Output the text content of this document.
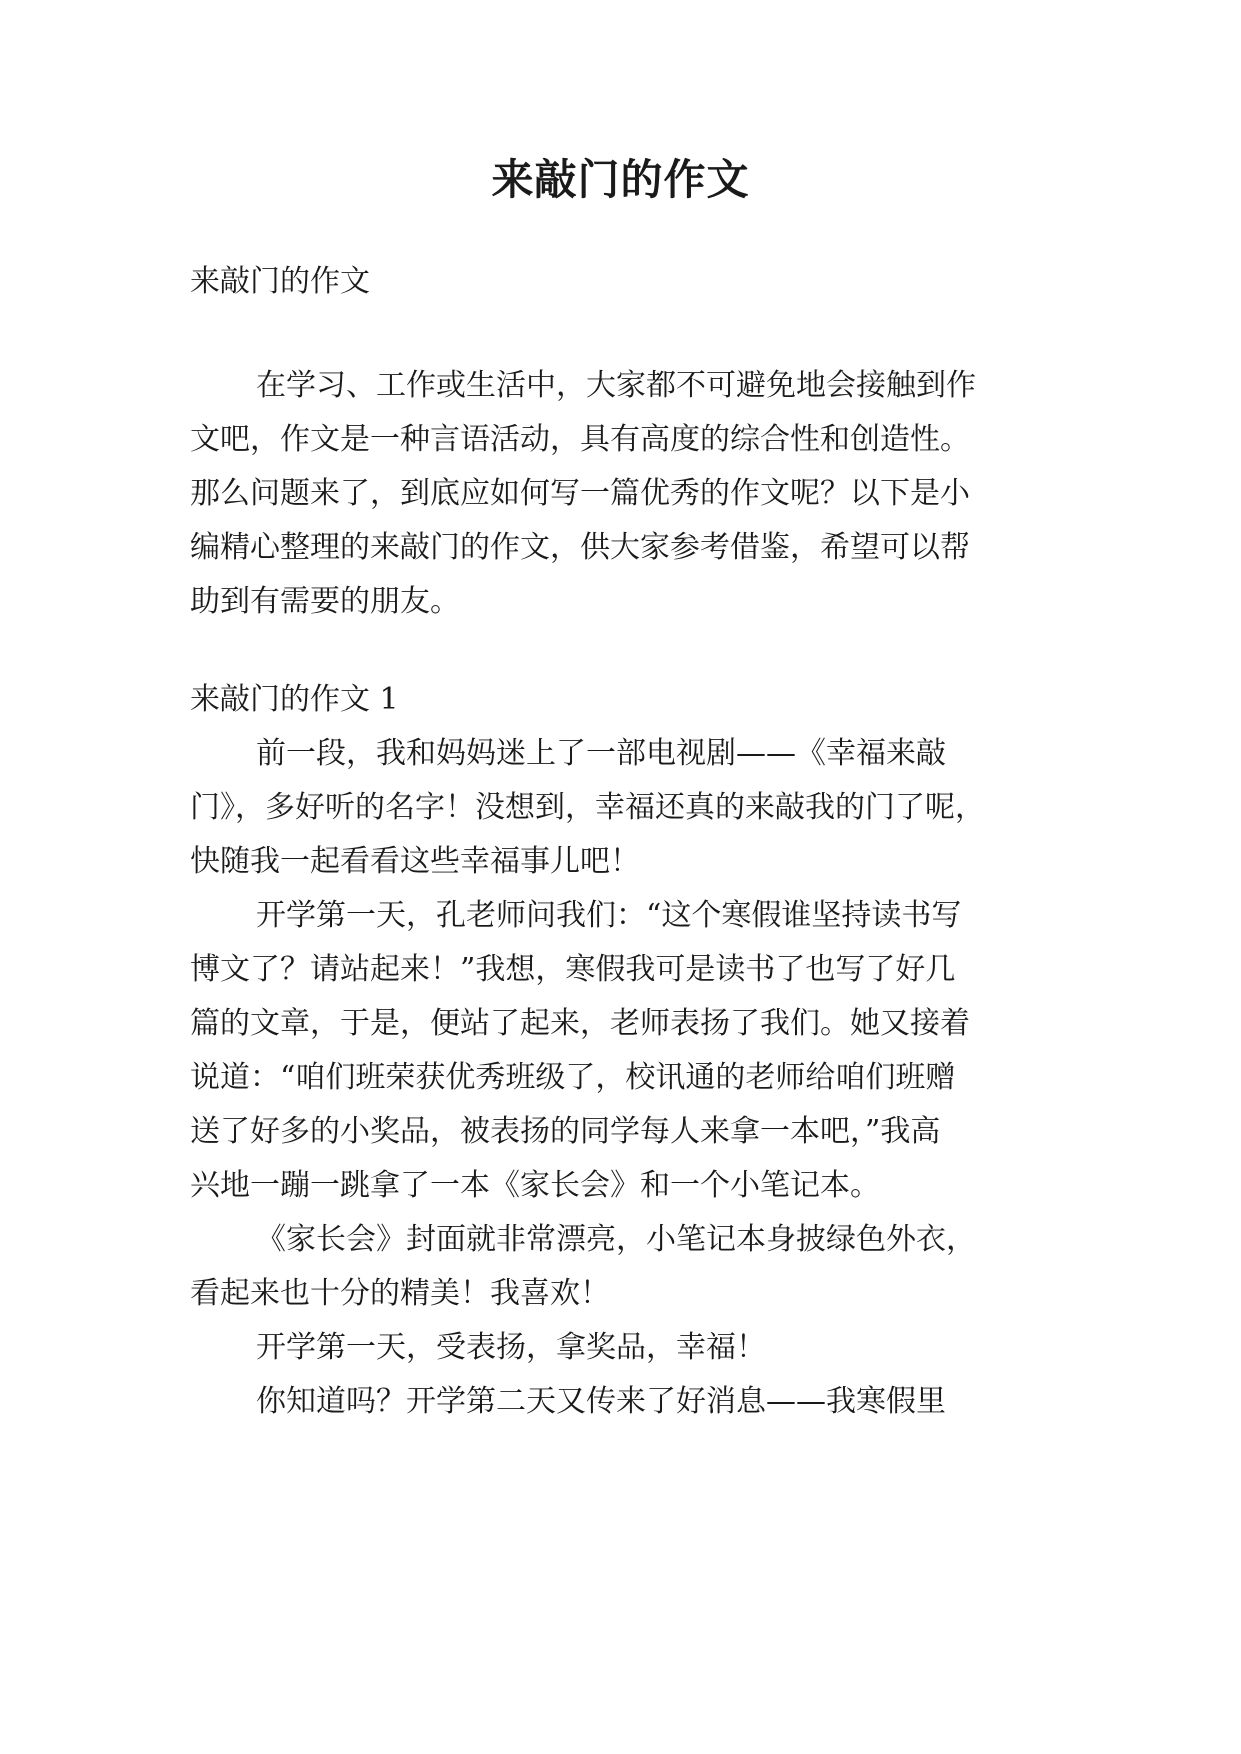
来敲门的作文

来敲门的作文

在学习、工作或生活中，大家都不可避免地会接触到作

文吧，作文是一种言语活动，具有高度的综合性和创造性。

那么问题来了，到底应如何写一篇优秀的作文呢？以下是小

编精心整理的来敲门的作文，供大家参考借鉴，希望可以帮

助到有需要的朋友。

来敲门的作文 1

前一段，我和妈妈迷上了一部电视剧——《幸福来敲

门》，多好听的名字！没想到，幸福还真的来敲我的门了呢，

快随我一起看看这些幸福事儿吧！

开学第一天，孔老师问我们：“这个寒假谁坚持读书写

博文了？请站起来！”我想，寒假我可是读书了也写了好几

篇的文章，于是，便站了起来，老师表扬了我们。她又接着

说道：“咱们班荣获优秀班级了，校讯通的老师给咱们班赠

送了好多的小奖品，被表扬的同学每人来拿一本吧，”我高

兴地一蹦一跳拿了一本《家长会》和一个小笔记本。

《家长会》封面就非常漂亮，小笔记本身披绿色外衣，

看起来也十分的精美！我喜欢！

开学第一天，受表扬，拿奖品，幸福！

你知道吗？开学第二天又传来了好消息——我寒假里
